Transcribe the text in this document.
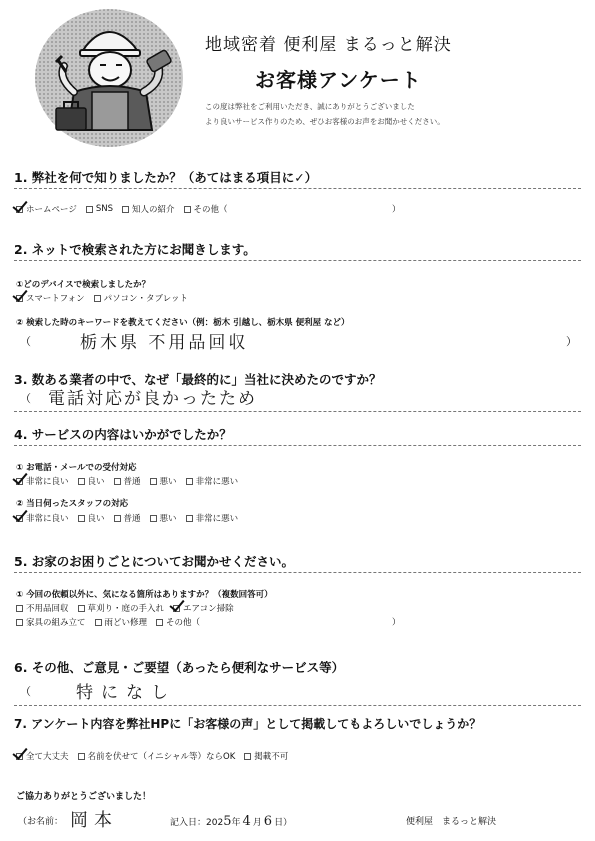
地域密着 便利屋 まるっと解決
お客様アンケート
この度は弊社をご利用いただき、誠にありがとうございました
より良いサービス作りのため、ぜひお客様のお声をお聞かせください。
1. 弊社を何で知りましたか？（あてはまる項目に✓）
ホームページ SNS 知人の紹介 その他（	）
2. ネットで検索された方にお聞きします。
①どのデバイスで検索しましたか？
スマートフォン パソコン・タブレット
② 検索した時のキーワードを教えてください（例：栃木 引越し、栃木県 便利屋 など）
（	栃木県 不用品回収	）
3. 数ある業者の中で、なぜ「最終的に」当社に決めたのですか？
（ 電話対応が良かったため
4. サービスの内容はいかがでしたか？
① お電話・メールでの受付対応
非常に良い 良い 普通 悪い 非常に悪い
② 当日伺ったスタッフの対応
非常に良い 良い 普通 悪い 非常に悪い
5. お家のお困りごとについてお聞かせください。
① 今回の依頼以外に、気になる箇所はありますか？（複数回答可）
不用品回収 草刈り・庭の手入れ エアコン掃除
家具の組み立て 雨どい修理 その他（	）
6. その他、ご意見・ご要望（あったら便利なサービス等）
（	特になし
7. アンケート内容を弊社HPに「お客様の声」として掲載してもよろしいでしょうか？
全て大丈夫 名前を伏せて（イニシャル等）ならOK 掲載不可
ご協力ありがとうございました！
（お名前： 岡本	記入日： 202 5 年 4 月 6 日）	便利屋　まるっと解決
